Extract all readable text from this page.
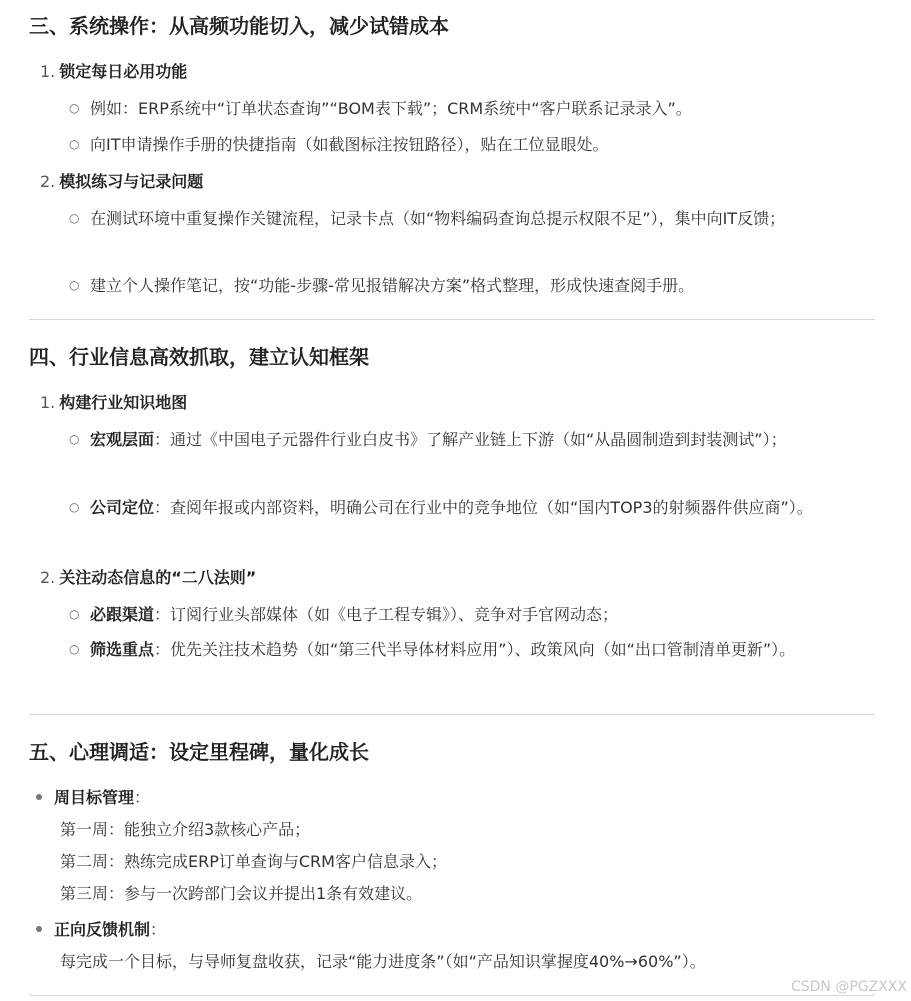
三、系统操作：从高频功能切入，减少试错成本
1. 锁定每日必用功能
○ 例如：ERP系统中“订单状态查询”“BOM表下载”；CRM系统中“客户联系记录录入”。
○ 向IT申请操作手册的快捷指南（如截图标注按钮路径），贴在工位显眼处。
2. 模拟练习与记录问题
○ 在测试环境中重复操作关键流程，记录卡点（如“物料编码查询总提示权限不足”），集中向IT反馈；
○ 建立个人操作笔记，按“功能-步骤-常见报错解决方案”格式整理，形成快速查阅手册。
四、行业信息高效抓取，建立认知框架
1. 构建行业知识地图
○ 宏观层面：通过《中国电子元器件行业白皮书》了解产业链上下游（如“从晶圆制造到封装测试”）；
○ 公司定位：查阅年报或内部资料，明确公司在行业中的竞争地位（如“国内TOP3的射频器件供应商”）。
2. 关注动态信息的“二八法则”
○ 必跟渠道：订阅行业头部媒体（如《电子工程专辑》）、竞争对手官网动态；
○ 筛选重点：优先关注技术趋势（如“第三代半导体材料应用”）、政策风向（如“出口管制清单更新”）。
五、心理调适：设定里程碑，量化成长
周目标管理：
第一周：能独立介绍3款核心产品；
第二周：熟练完成ERP订单查询与CRM客户信息录入；
第三周：参与一次跨部门会议并提出1条有效建议。
正向反馈机制：
每完成一个目标，与导师复盘收获，记录“能力进度条”（如“产品知识掌握度40%→60%”）。
CSDN @PGZXXX
